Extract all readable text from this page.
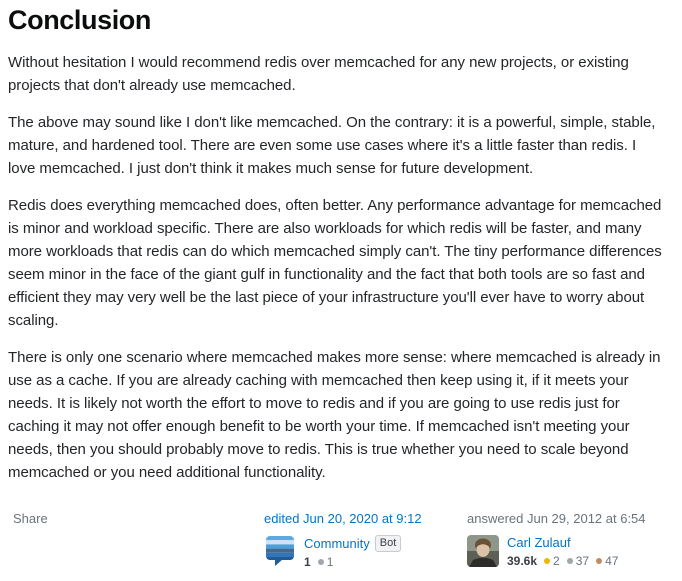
Conclusion

Without hesitation I would recommend redis over memcached for any new projects, or existing projects that don't already use memcached.

The above may sound like I don't like memcached. On the contrary: it is a powerful, simple, stable, mature, and hardened tool. There are even some use cases where it's a little faster than redis. I love memcached. I just don't think it makes much sense for future development.

Redis does everything memcached does, often better. Any performance advantage for memcached is minor and workload specific. There are also workloads for which redis will be faster, and many more workloads that redis can do which memcached simply can't. The tiny performance differences seem minor in the face of the giant gulf in functionality and the fact that both tools are so fast and efficient they may very well be the last piece of your infrastructure you'll ever have to worry about scaling.

There is only one scenario where memcached makes more sense: where memcached is already in use as a cache. If you are already caching with memcached then keep using it, if it meets your needs. It is likely not worth the effort to move to redis and if you are going to use redis just for caching it may not offer enough benefit to be worth your time. If memcached isn't meeting your needs, then you should probably move to redis. This is true whether you need to scale beyond memcached or you need additional functionality.

Share	edited Jun 20, 2020 at 9:12
Community Bot
1 1
answered Jun 29, 2012 at 6:54
Carl Zulauf
39.6k 2 37 47
